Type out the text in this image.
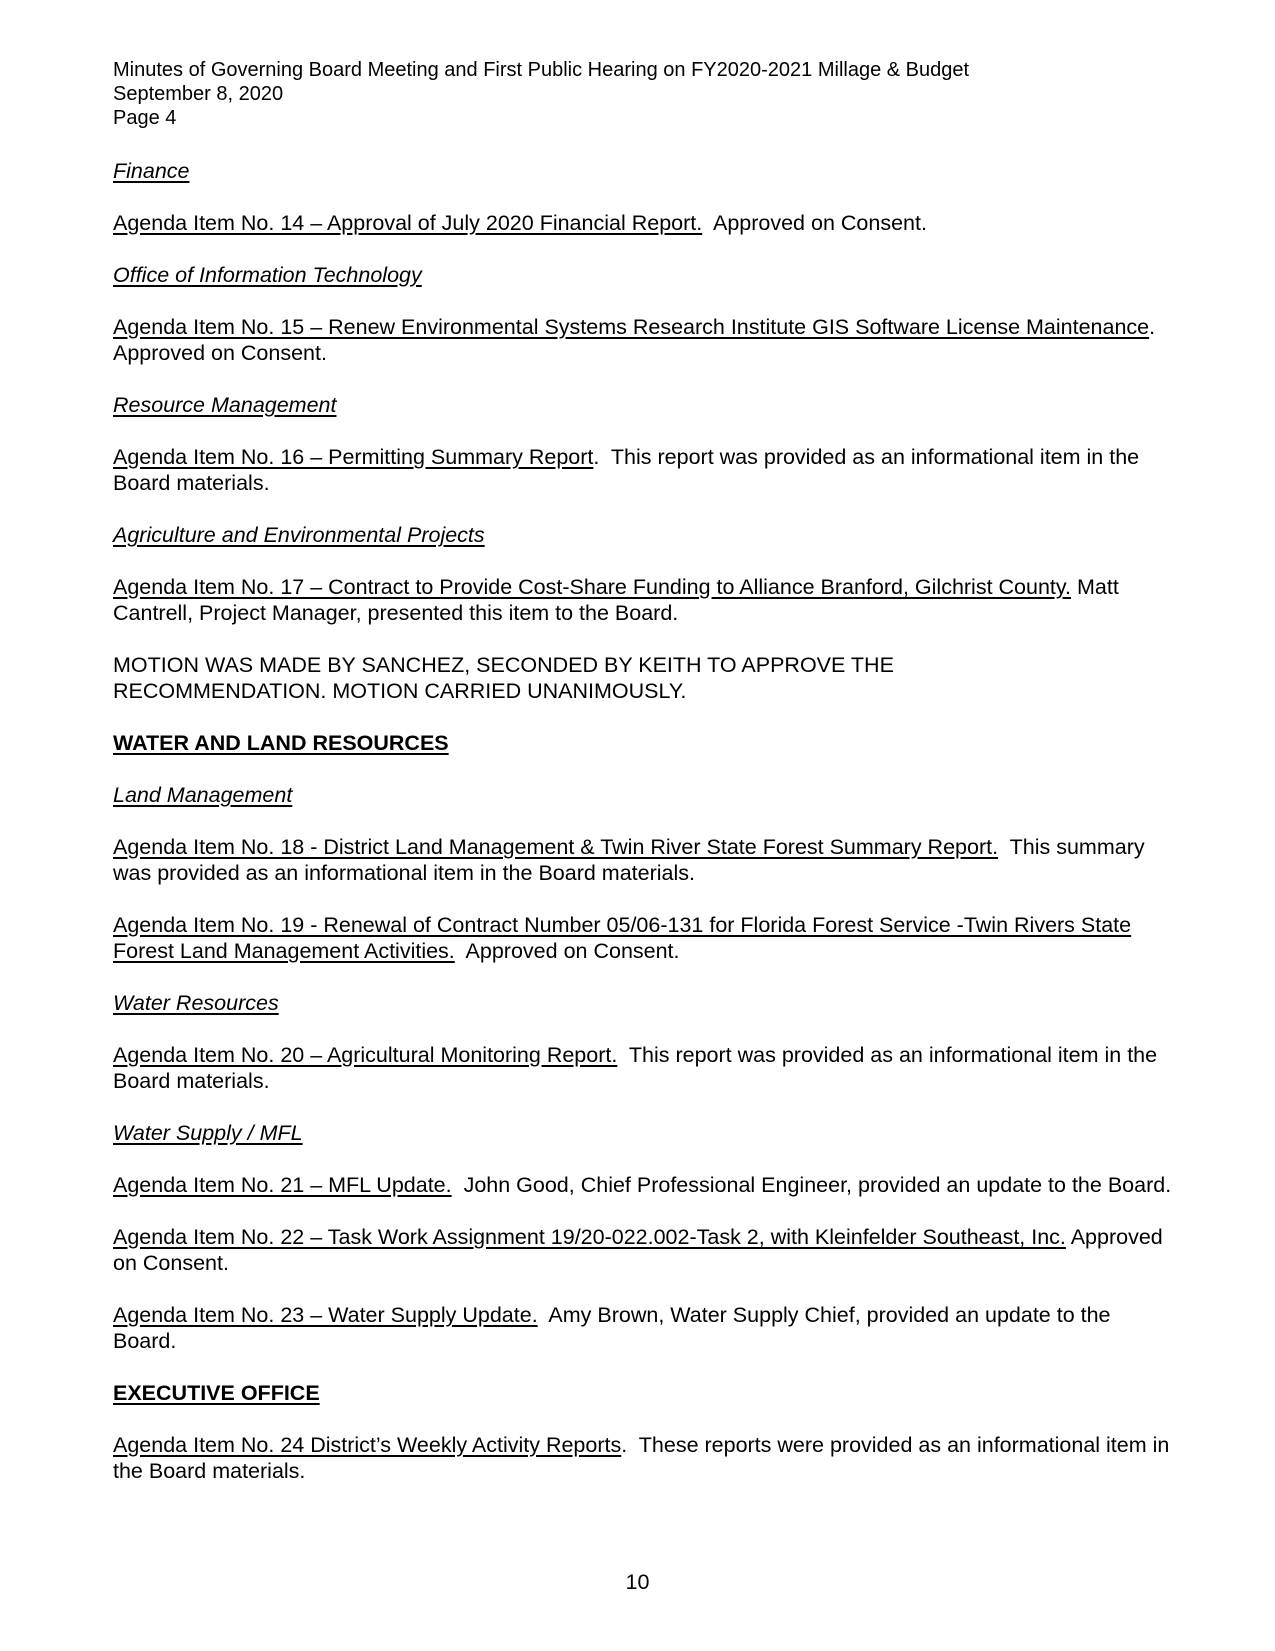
Minutes of Governing Board Meeting and First Public Hearing on FY2020-2021 Millage & Budget
September 8, 2020
Page 4
Finance

Agenda Item No. 14 – Approval of July 2020 Financial Report.  Approved on Consent.

Office of Information Technology

Agenda Item No. 15 – Renew Environmental Systems Research Institute GIS Software License Maintenance.  Approved on Consent.

Resource Management

Agenda Item No. 16 – Permitting Summary Report.  This report was provided as an informational item in the Board materials.

Agriculture and Environmental Projects

Agenda Item No. 17 – Contract to Provide Cost-Share Funding to Alliance Branford, Gilchrist County. Matt Cantrell, Project Manager, presented this item to the Board.

MOTION WAS MADE BY SANCHEZ, SECONDED BY KEITH TO APPROVE THE RECOMMENDATION. MOTION CARRIED UNANIMOUSLY.

WATER AND LAND RESOURCES
Land Management

Agenda Item No. 18 - District Land Management & Twin River State Forest Summary Report.  This summary was provided as an informational item in the Board materials.

Agenda Item No. 19 - Renewal of Contract Number 05/06-131 for Florida Forest Service -Twin Rivers State Forest Land Management Activities.  Approved on Consent.

Water Resources

Agenda Item No. 20 – Agricultural Monitoring Report.  This report was provided as an informational item in the Board materials.

Water Supply / MFL

Agenda Item No. 21 – MFL Update.  John Good, Chief Professional Engineer, provided an update to the Board.

Agenda Item No. 22 – Task Work Assignment 19/20-022.002-Task 2, with Kleinfelder Southeast, Inc. Approved on Consent.

Agenda Item No. 23 – Water Supply Update.  Amy Brown, Water Supply Chief, provided an update to the Board.

EXECUTIVE OFFICE

Agenda Item No. 24 District’s Weekly Activity Reports.  These reports were provided as an informational item in the Board materials.

10
